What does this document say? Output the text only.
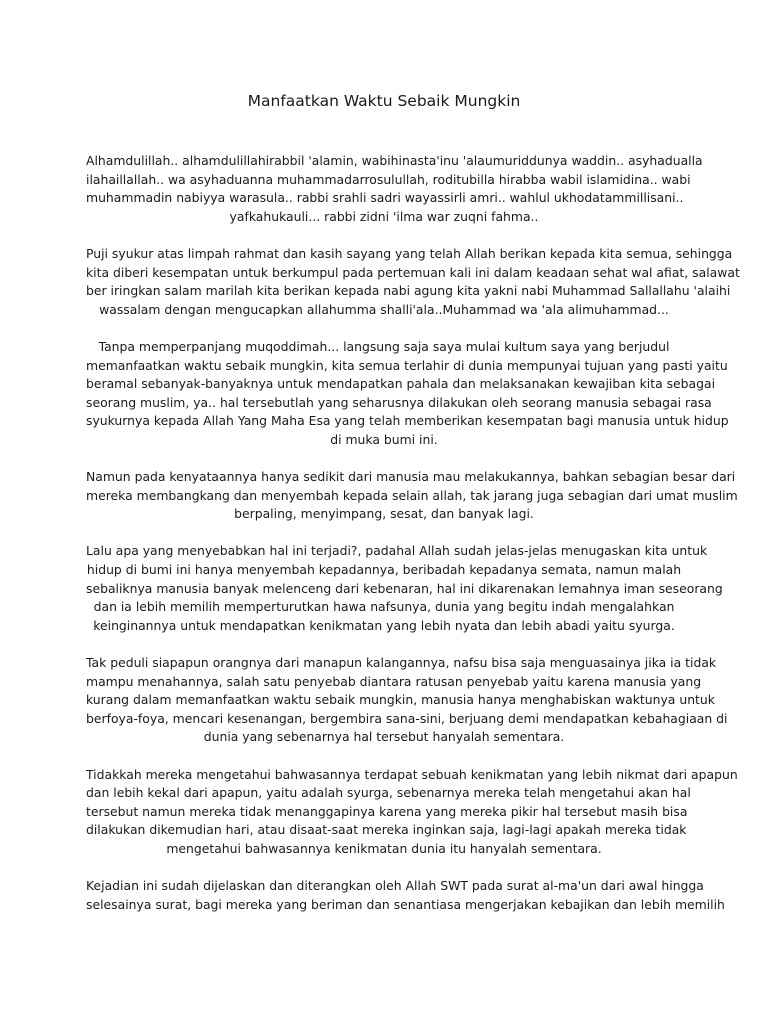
Manfaatkan Waktu Sebaik Mungkin

Alhamdulillah.. alhamdulillahirabbil 'alamin, wabihinasta'inu 'alaumuriddunya waddin.. asyhadualla
ilahaillallah.. wa asyhaduanna muhammadarrosulullah, roditubilla hirabba wabil islamidina.. wabi
muhammadin nabiyya warasula.. rabbi srahli sadri wayassirli amri.. wahlul ukhodatammillisani..
yafkahukauli... rabbi zidni 'ilma war zuqni fahma..

Puji syukur atas limpah rahmat dan kasih sayang yang telah Allah berikan kepada kita semua, sehingga
kita diberi kesempatan untuk berkumpul pada pertemuan kali ini dalam keadaan sehat wal afiat, salawat
ber iringkan salam marilah kita berikan kepada nabi agung kita yakni nabi Muhammad Sallallahu 'alaihi
wassalam dengan mengucapkan allahumma shalli'ala..Muhammad wa 'ala alimuhammad...

Tanpa memperpanjang muqoddimah... langsung saja saya mulai kultum saya yang berjudul
memanfaatkan waktu sebaik mungkin, kita semua terlahir di dunia mempunyai tujuan yang pasti yaitu
beramal sebanyak-banyaknya untuk mendapatkan pahala dan melaksanakan kewajiban kita sebagai
seorang muslim, ya.. hal tersebutlah yang seharusnya dilakukan oleh seorang manusia sebagai rasa
syukurnya kepada Allah Yang Maha Esa yang telah memberikan kesempatan bagi manusia untuk hidup
di muka bumi ini.

Namun pada kenyataannya hanya sedikit dari manusia mau melakukannya, bahkan sebagian besar dari
mereka membangkang dan menyembah kepada selain allah, tak jarang juga sebagian dari umat muslim
berpaling, menyimpang, sesat, dan banyak lagi.

Lalu apa yang menyebabkan hal ini terjadi?, padahal Allah sudah jelas-jelas menugaskan kita untuk
hidup di bumi ini hanya menyembah kepadannya, beribadah kepadanya semata, namun malah
sebaliknya manusia banyak melenceng dari kebenaran, hal ini dikarenakan lemahnya iman seseorang
dan ia lebih memilih memperturutkan hawa nafsunya, dunia yang begitu indah mengalahkan
keinginannya untuk mendapatkan kenikmatan yang lebih nyata dan lebih abadi yaitu syurga.

Tak peduli siapapun orangnya dari manapun kalangannya, nafsu bisa saja menguasainya jika ia tidak
mampu menahannya, salah satu penyebab diantara ratusan penyebab yaitu karena manusia yang
kurang dalam memanfaatkan waktu sebaik mungkin, manusia hanya menghabiskan waktunya untuk
berfoya-foya, mencari kesenangan, bergembira sana-sini, berjuang demi mendapatkan kebahagiaan di
dunia yang sebenarnya hal tersebut hanyalah sementara.

Tidakkah mereka mengetahui bahwasannya terdapat sebuah kenikmatan yang lebih nikmat dari apapun
dan lebih kekal dari apapun, yaitu adalah syurga, sebenarnya mereka telah mengetahui akan hal
tersebut namun mereka tidak menanggapinya karena yang mereka pikir hal tersebut masih bisa
dilakukan dikemudian hari, atau disaat-saat mereka inginkan saja, lagi-lagi apakah mereka tidak
mengetahui bahwasannya kenikmatan dunia itu hanyalah sementara.

Kejadian ini sudah dijelaskan dan diterangkan oleh Allah SWT pada surat al-ma'un dari awal hingga
selesainya surat, bagi mereka yang beriman dan senantiasa mengerjakan kebajikan dan lebih memilih
